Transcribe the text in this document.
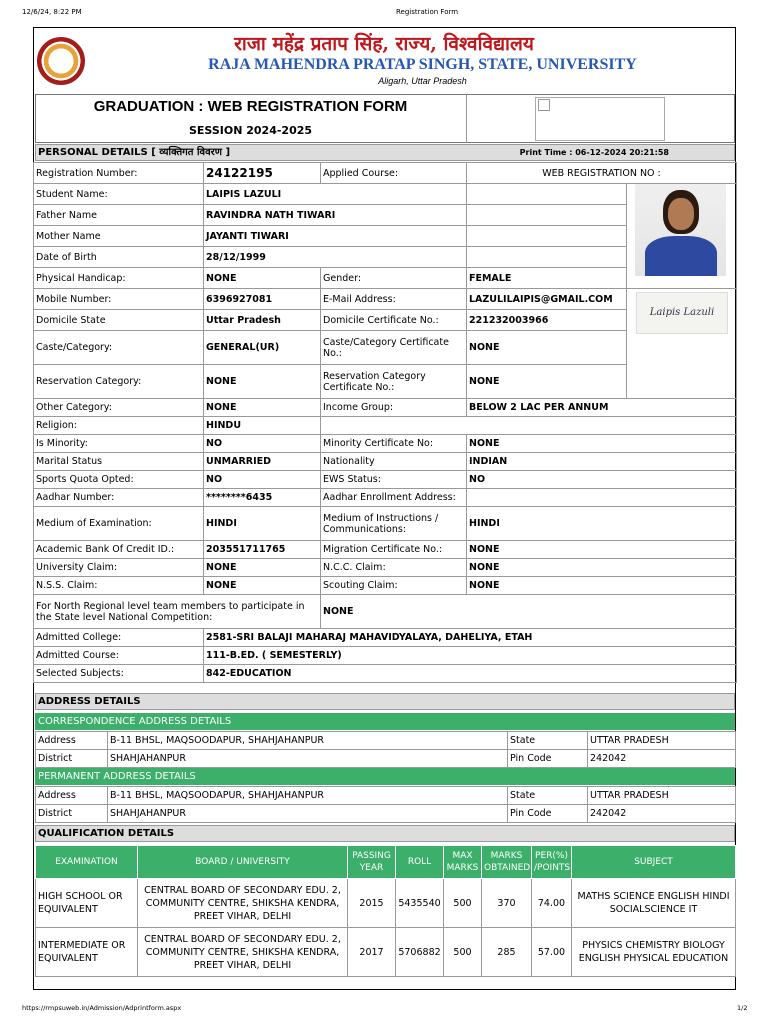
12/6/24, 8:22 PM	Registration Form
https://rmpsuweb.in/Admission/Adprintform.aspx	1/2
राजा महेंद्र प्रताप सिंह, राज्य, विश्वविद्यालय
RAJA MAHENDRA PRATAP SINGH, STATE, UNIVERSITY
Aligarh, Uttar Pradesh
GRADUATION : WEB REGISTRATION FORM
SESSION 2024-2025
PERSONAL DETAILS [ व्यक्तिगत विवरण ]	Print Time : 06-12-2024 20:21:58
Registration Number:	24122195	Applied Course:	WEB REGISTRATION NO :	
Student Name:	LAIPIS LAZULI			
Father Name	RAVINDRA NATH TIWARI			
Mother Name	JAYANTI TIWARI			
Date of Birth	28/12/1999			
Physical Handicap:	NONE	Gender:	FEMALE	
Mobile Number:	6396927081	E-Mail Address:	LAZULILAIPIS@GMAIL.COM	
Domicile State	Uttar Pradesh	Domicile Certificate No.:	221232003966	
Caste/Category:	GENERAL(UR)	Caste/Category Certificate No.:	NONE	
Reservation Category:	NONE	Reservation Category Certificate No.:	NONE	
Other Category:	NONE	Income Group:	BELOW 2 LAC PER ANNUM	
Religion:	HINDU			
Is Minority:	NO	Minority Certificate No:	NONE	
Marital Status	UNMARRIED	Nationality	INDIAN	
Sports Quota Opted:	NO	EWS Status:	NO	
Aadhar Number:	********6435	Aadhar Enrollment Address:		
Medium of Examination:	HINDI	Medium of Instructions / Communications:	HINDI	
Academic Bank Of Credit ID.:	203551711765	Migration Certificate No.:	NONE	
University Claim:	NONE	N.C.C. Claim:	NONE	
N.S.S. Claim:	NONE	Scouting Claim:	NONE	
For North Regional level team members to participate in the State level National Competition:		NONE		
Admitted College:	2581-SRI BALAJI MAHARAJ MAHAVIDYALAYA, DAHELIYA, ETAH			
Admitted Course:	111-B.ED. ( SEMESTERLY)			
Selected Subjects:	842-EDUCATION			
Laipis Lazuli
ADDRESS DETAILS
CORRESPONDENCE ADDRESS DETAILS
Address	B-11 BHSL, MAQSOODAPUR, SHAHJAHANPUR	State	UTTAR PRADESH
District	SHAHJAHANPUR	Pin Code	242042
PERMANENT ADDRESS DETAILS
Address	B-11 BHSL, MAQSOODAPUR, SHAHJAHANPUR	State	UTTAR PRADESH
District	SHAHJAHANPUR	Pin Code	242042
QUALIFICATION DETAILS
EXAMINATION	BOARD / UNIVERSITY	PASSING YEAR	ROLL	MAX MARKS	MARKS OBTAINED	PER(%) /POINTS	SUBJECT
HIGH SCHOOL OR EQUIVALENT	CENTRAL BOARD OF SECONDARY EDU. 2, COMMUNITY CENTRE, SHIKSHA KENDRA, PREET VIHAR, DELHI	2015	5435540	500	370	74.00	MATHS SCIENCE ENGLISH HINDI SOCIALSCIENCE IT
INTERMEDIATE OR EQUIVALENT	CENTRAL BOARD OF SECONDARY EDU. 2, COMMUNITY CENTRE, SHIKSHA KENDRA, PREET VIHAR, DELHI	2017	5706882	500	285	57.00	PHYSICS CHEMISTRY BIOLOGY ENGLISH PHYSICAL EDUCATION
